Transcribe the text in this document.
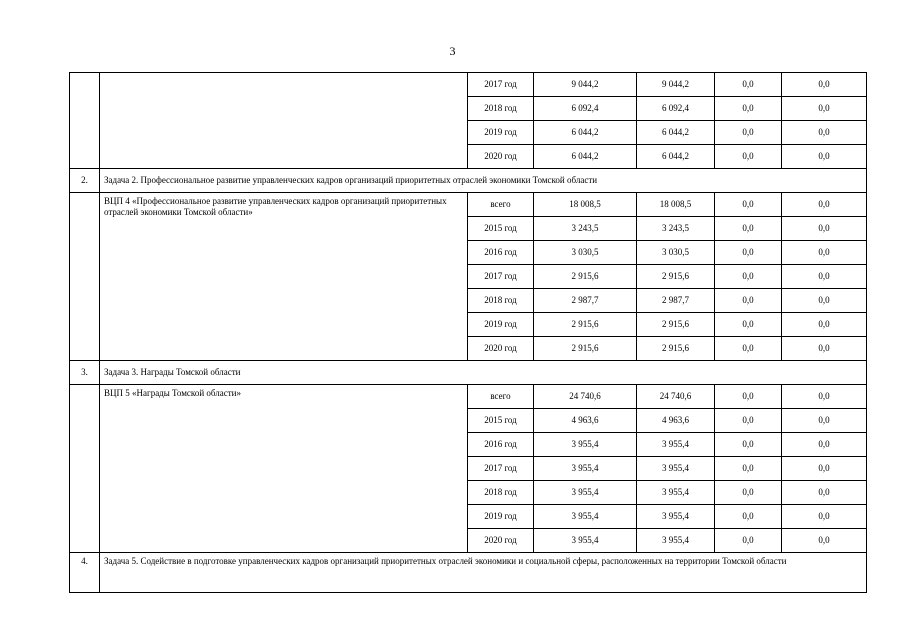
3
		2017 год	9 044,2	9 044,2	0,0	0,0
		2018 год	6 092,4	6 092,4	0,0	0,0
		2019 год	6 044,2	6 044,2	0,0	0,0
		2020 год	6 044,2	6 044,2	0,0	0,0
2.	Задача 2. Профессиональное развитие управленческих кадров организаций приоритетных отраслей экономики Томской области					
	ВЦП 4 «Профессиональное развитие управленческих кадров организаций приоритетных отраслей экономики Томской области»	всего	18 008,5	18 008,5	0,0	0,0
		2015 год	3 243,5	3 243,5	0,0	0,0
		2016 год	3 030,5	3 030,5	0,0	0,0
		2017 год	2 915,6	2 915,6	0,0	0,0
		2018 год	2 987,7	2 987,7	0,0	0,0
		2019 год	2 915,6	2 915,6	0,0	0,0
		2020 год	2 915,6	2 915,6	0,0	0,0
3.	Задача 3. Награды Томской области					
	ВЦП 5 «Награды Томской области»	всего	24 740,6	24 740,6	0,0	0,0
		2015 год	4 963,6	4 963,6	0,0	0,0
		2016 год	3 955,4	3 955,4	0,0	0,0
		2017 год	3 955,4	3 955,4	0,0	0,0
		2018 год	3 955,4	3 955,4	0,0	0,0
		2019 год	3 955,4	3 955,4	0,0	0,0
		2020 год	3 955,4	3 955,4	0,0	0,0
4.	Задача 5. Содействие в подготовке управленческих кадров организаций приоритетных отраслей экономики и социальной сферы, расположенных на территории Томской области					
